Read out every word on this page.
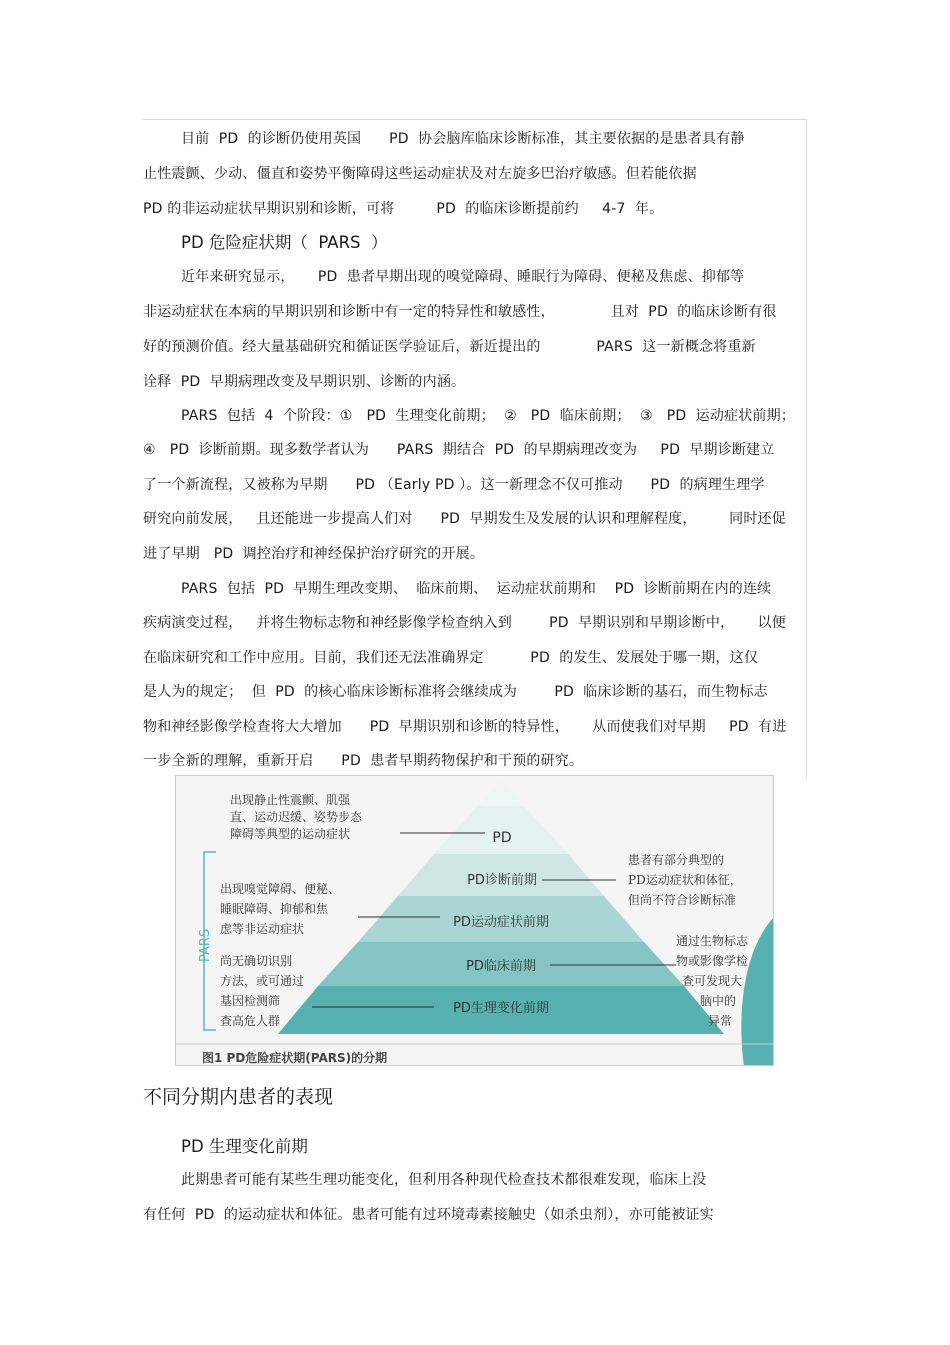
目前  PD  的诊断仍使用英国      PD  协会脑库临床诊断标准，其主要依据的是患者具有静
止性震颤、少动、僵直和姿势平衡障碍这些运动症状及对左旋多巴治疗敏感。但若能依据
PD 的非运动症状早期识别和诊断，可将         PD  的临床诊断提前约     4-7  年。
PD 危险症状期（  PARS  ）
近年来研究显示，     PD  患者早期出现的嗅觉障碍、睡眠行为障碍、便秘及焦虑、抑郁等
非运动症状在本病的早期识别和诊断中有一定的特异性和敏感性，            且对  PD  的临床诊断有很
好的预测价值。经大量基础研究和循证医学验证后，新近提出的            PARS  这一新概念将重新
诠释  PD  早期病理改变及早期识别、诊断的内涵。
PARS  包括  4  个阶段：①   PD  生理变化前期；  ②   PD  临床前期；  ③   PD  运动症状前期；
④   PD  诊断前期。现多数学者认为      PARS  期结合  PD  的早期病理改变为     PD  早期诊断建立
了一个新流程，又被称为早期      PD （Early PD ）。这一新理念不仅可推动      PD  的病理生理学
研究向前发展，   且还能进一步提高人们对      PD  早期发生及发展的认识和理解程度，       同时还促
进了早期   PD  调控治疗和神经保护治疗研究的开展。
PARS  包括  PD  早期生理改变期、  临床前期、  运动症状前期和    PD  诊断前期在内的连续
疾病演变过程，   并将生物标志物和神经影像学检查纳入到        PD  早期识别和早期诊断中，     以便
在临床研究和工作中应用。目前，我们还无法准确界定          PD  的发生、发展处于哪一期，这仅
是人为的规定；  但  PD  的核心临床诊断标准将会继续成为        PD  临床诊断的基石，而生物标志
物和神经影像学检查将大大增加      PD  早期识别和诊断的特异性，     从而使我们对早期     PD  有进
一步全新的理解，重新开启      PD  患者早期药物保护和干预的研究。
PD
PD诊断前期
PD运动症状前期
PD临床前期
PD生理变化前期
PARS
出现静止性震颤、肌强
直、运动迟缓、姿势步态
障碍等典型的运动症状
出现嗅觉障碍、便秘、
睡眠障碍、抑郁和焦
虑等非运动症状
尚无确切识别
方法，或可通过
基因检测筛
查高危人群
患者有部分典型的
PD运动症状和体征，
但尚不符合诊断标准
通过生物标志
物或影像学检
查可发现大
脑中的
异常
图1 PD危险症状期(PARS)的分期
不同分期内患者的表现
PD 生理变化前期
此期患者可能有某些生理功能变化，但利用各种现代检查技术都很难发现，临床上没
有任何  PD  的运动症状和体征。患者可能有过环境毒素接触史（如杀虫剂），亦可能被证实
